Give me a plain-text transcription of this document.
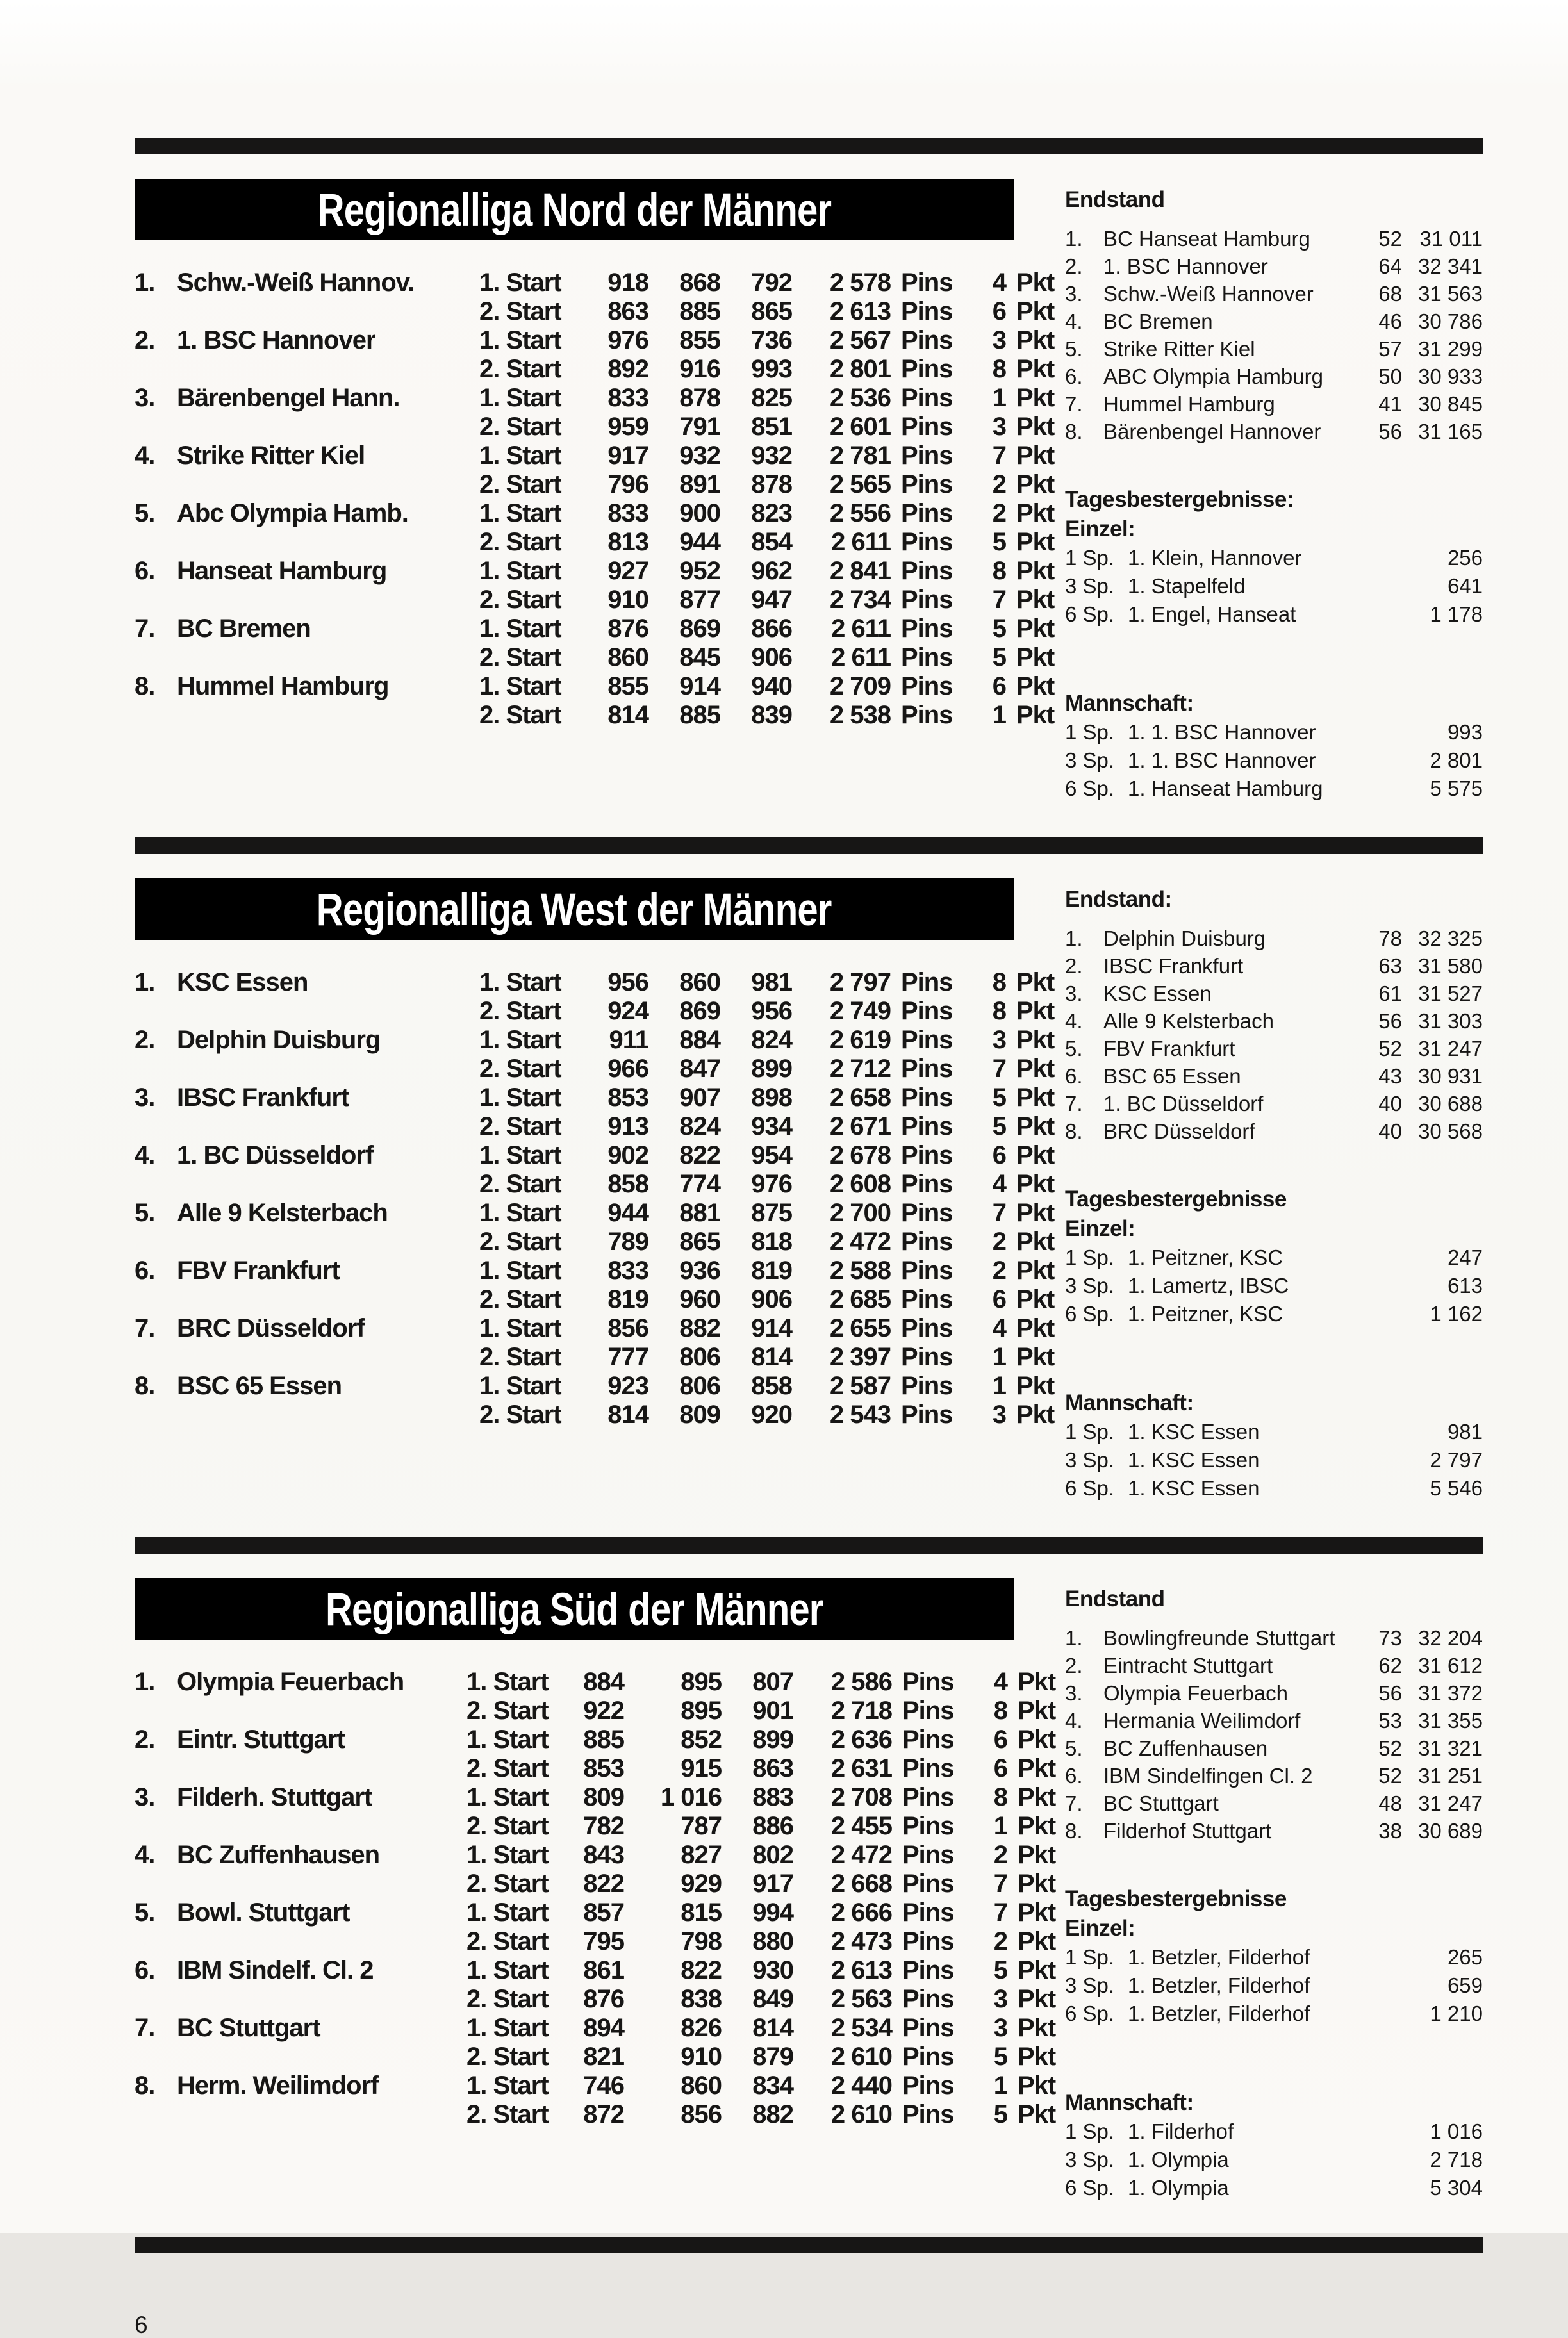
Regionalliga Nord der Männer
1. Schw.-Weiß Hannov.	1. Start	918	868	792	2 578 Pins	4 Pkt
2. Start	863	885	865	2 613 Pins	6 Pkt
2. 1. BSC Hannover	1. Start	976	855	736	2 567 Pins	3 Pkt
2. Start	892	916	993	2 801 Pins	8 Pkt
3. Bärenbengel Hann.	1. Start	833	878	825	2 536 Pins	1 Pkt
2. Start	959	791	851	2 601 Pins	3 Pkt
4. Strike Ritter Kiel	1. Start	917	932	932	2 781 Pins	7 Pkt
2. Start	796	891	878	2 565 Pins	2 Pkt
5. Abc Olympia Hamb.	1. Start	833	900	823	2 556 Pins	2 Pkt
2. Start	813	944	854	2 611 Pins	5 Pkt
6. Hanseat Hamburg	1. Start	927	952	962	2 841 Pins	8 Pkt
2. Start	910	877	947	2 734 Pins	7 Pkt
7. BC Bremen	1. Start	876	869	866	2 611 Pins	5 Pkt
2. Start	860	845	906	2 611 Pins	5 Pkt
8. Hummel Hamburg	1. Start	855	914	940	2 709 Pins	6 Pkt
2. Start	814	885	839	2 538 Pins	1 Pkt
Endstand
1. BC Hanseat Hamburg	52 31 011
2. 1. BSC Hannover	64 32 341
3. Schw.-Weiß Hannover	68 31 563
4. BC Bremen	46 30 786
5. Strike Ritter Kiel	57 31 299
6. ABC Olympia Hamburg	50 30 933
7. Hummel Hamburg	41 30 845
8. Bärenbengel Hannover	56 31 165
Tagesbestergebnisse:
Einzel:
1 Sp. 1. Klein, Hannover	256
3 Sp. 1. Stapelfeld	641
6 Sp. 1. Engel, Hanseat	1 178
Mannschaft:
1 Sp. 1. 1. BSC Hannover	993
3 Sp. 1. 1. BSC Hannover	2 801
6 Sp. 1. Hanseat Hamburg	5 575
Regionalliga West der Männer
1. KSC Essen	1. Start	956	860	981	2 797 Pins	8 Pkt
2. Start	924	869	956	2 749 Pins	8 Pkt
2. Delphin Duisburg	1. Start	911	884	824	2 619 Pins	3 Pkt
2. Start	966	847	899	2 712 Pins	7 Pkt
3. IBSC Frankfurt	1. Start	853	907	898	2 658 Pins	5 Pkt
2. Start	913	824	934	2 671 Pins	5 Pkt
4. 1. BC Düsseldorf	1. Start	902	822	954	2 678 Pins	6 Pkt
2. Start	858	774	976	2 608 Pins	4 Pkt
5. Alle 9 Kelsterbach	1. Start	944	881	875	2 700 Pins	7 Pkt
2. Start	789	865	818	2 472 Pins	2 Pkt
6. FBV Frankfurt	1. Start	833	936	819	2 588 Pins	2 Pkt
2. Start	819	960	906	2 685 Pins	6 Pkt
7. BRC Düsseldorf	1. Start	856	882	914	2 655 Pins	4 Pkt
2. Start	777	806	814	2 397 Pins	1 Pkt
8. BSC 65 Essen	1. Start	923	806	858	2 587 Pins	1 Pkt
2. Start	814	809	920	2 543 Pins	3 Pkt
Endstand:
1. Delphin Duisburg	78 32 325
2. IBSC Frankfurt	63 31 580
3. KSC Essen	61 31 527
4. Alle 9 Kelsterbach	56 31 303
5. FBV Frankfurt	52 31 247
6. BSC 65 Essen	43 30 931
7. 1. BC Düsseldorf	40 30 688
8. BRC Düsseldorf	40 30 568
Tagesbestergebnisse
Einzel:
1 Sp. 1. Peitzner, KSC	247
3 Sp. 1. Lamertz, IBSC	613
6 Sp. 1. Peitzner, KSC	1 162
Mannschaft:
1 Sp. 1. KSC Essen	981
3 Sp. 1. KSC Essen	2 797
6 Sp. 1. KSC Essen	5 546
Regionalliga Süd der Männer
1. Olympia Feuerbach	1. Start	884	895	807	2 586 Pins	4 Pkt
2. Start	922	895	901	2 718 Pins	8 Pkt
2. Eintr. Stuttgart	1. Start	885	852	899	2 636 Pins	6 Pkt
2. Start	853	915	863	2 631 Pins	6 Pkt
3. Filderh. Stuttgart	1. Start	809	1 016	883	2 708 Pins	8 Pkt
2. Start	782	787	886	2 455 Pins	1 Pkt
4. BC Zuffenhausen	1. Start	843	827	802	2 472 Pins	2 Pkt
2. Start	822	929	917	2 668 Pins	7 Pkt
5. Bowl. Stuttgart	1. Start	857	815	994	2 666 Pins	7 Pkt
2. Start	795	798	880	2 473 Pins	2 Pkt
6. IBM Sindelf. Cl. 2	1. Start	861	822	930	2 613 Pins	5 Pkt
2. Start	876	838	849	2 563 Pins	3 Pkt
7. BC Stuttgart	1. Start	894	826	814	2 534 Pins	3 Pkt
2. Start	821	910	879	2 610 Pins	5 Pkt
8. Herm. Weilimdorf	1. Start	746	860	834	2 440 Pins	1 Pkt
2. Start	872	856	882	2 610 Pins	5 Pkt
Endstand
1. Bowlingfreunde Stuttgart	73 32 204
2. Eintracht Stuttgart	62 31 612
3. Olympia Feuerbach	56 31 372
4. Hermania Weilimdorf	53 31 355
5. BC Zuffenhausen	52 31 321
6. IBM Sindelfingen Cl. 2	52 31 251
7. BC Stuttgart	48 31 247
8. Filderhof Stuttgart	38 30 689
Tagesbestergebnisse
Einzel:
1 Sp. 1. Betzler, Filderhof	265
3 Sp. 1. Betzler, Filderhof	659
6 Sp. 1. Betzler, Filderhof	1 210
Mannschaft:
1 Sp. 1. Filderhof	1 016
3 Sp. 1. Olympia	2 718
6 Sp. 1. Olympia	5 304
6
